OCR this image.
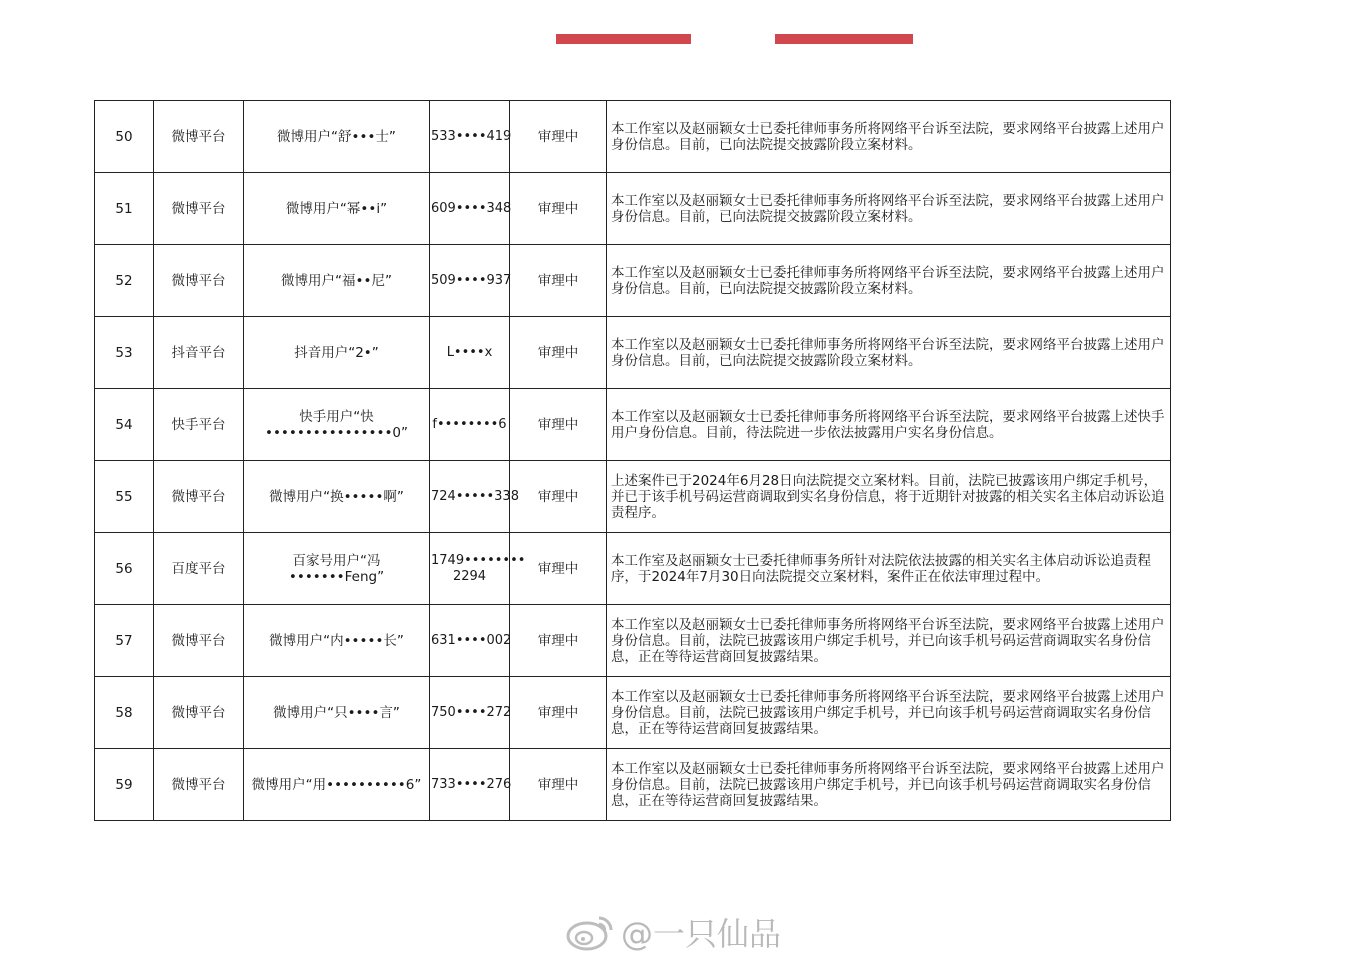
50	微博平台	微博用户“舒•••士”	533••••419	审理中	本工作室以及赵丽颖女士已委托律师事务所将网络平台诉至法院，要求网络平台披露上述用户身份信息。目前，已向法院提交披露阶段立案材料。
51	微博平台	微博用户“幂••i”	609••••348	审理中	本工作室以及赵丽颖女士已委托律师事务所将网络平台诉至法院，要求网络平台披露上述用户身份信息。目前，已向法院提交披露阶段立案材料。
52	微博平台	微博用户“福••尼”	509••••937	审理中	本工作室以及赵丽颖女士已委托律师事务所将网络平台诉至法院，要求网络平台披露上述用户身份信息。目前，已向法院提交披露阶段立案材料。
53	抖音平台	抖音用户“2•”	L••••x	审理中	本工作室以及赵丽颖女士已委托律师事务所将网络平台诉至法院，要求网络平台披露上述用户身份信息。目前，已向法院提交披露阶段立案材料。
54	快手平台	快手用户“快••••••••••••••••0”	f••••••••6	审理中	本工作室以及赵丽颖女士已委托律师事务所将网络平台诉至法院，要求网络平台披露上述快手用户身份信息。目前，待法院进一步依法披露用户实名身份信息。
55	微博平台	微博用户“换•••••啊”	724•••••338	审理中	上述案件已于2024年6月28日向法院提交立案材料。目前，法院已披露该用户绑定手机号，并已于该手机号码运营商调取到实名身份信息，将于近期针对披露的相关实名主体启动诉讼追责程序。
56	百度平台	百家号用户“冯•••••••Feng”	1749•••••••• 2294	审理中	本工作室及赵丽颖女士已委托律师事务所针对法院依法披露的相关实名主体启动诉讼追责程序，于2024年7月30日向法院提交立案材料，案件正在依法审理过程中。
57	微博平台	微博用户“内•••••长”	631••••002	审理中	本工作室以及赵丽颖女士已委托律师事务所将网络平台诉至法院，要求网络平台披露上述用户身份信息。目前，法院已披露该用户绑定手机号，并已向该手机号码运营商调取实名身份信息，正在等待运营商回复披露结果。
58	微博平台	微博用户“只••••言”	750••••272	审理中	本工作室以及赵丽颖女士已委托律师事务所将网络平台诉至法院，要求网络平台披露上述用户身份信息。目前，法院已披露该用户绑定手机号，并已向该手机号码运营商调取实名身份信息，正在等待运营商回复披露结果。
59	微博平台	微博用户“用••••••••••6”	733••••276	审理中	本工作室以及赵丽颖女士已委托律师事务所将网络平台诉至法院，要求网络平台披露上述用户身份信息。目前，法院已披露该用户绑定手机号，并已向该手机号码运营商调取实名身份信息，正在等待运营商回复披露结果。
@一只仙品
